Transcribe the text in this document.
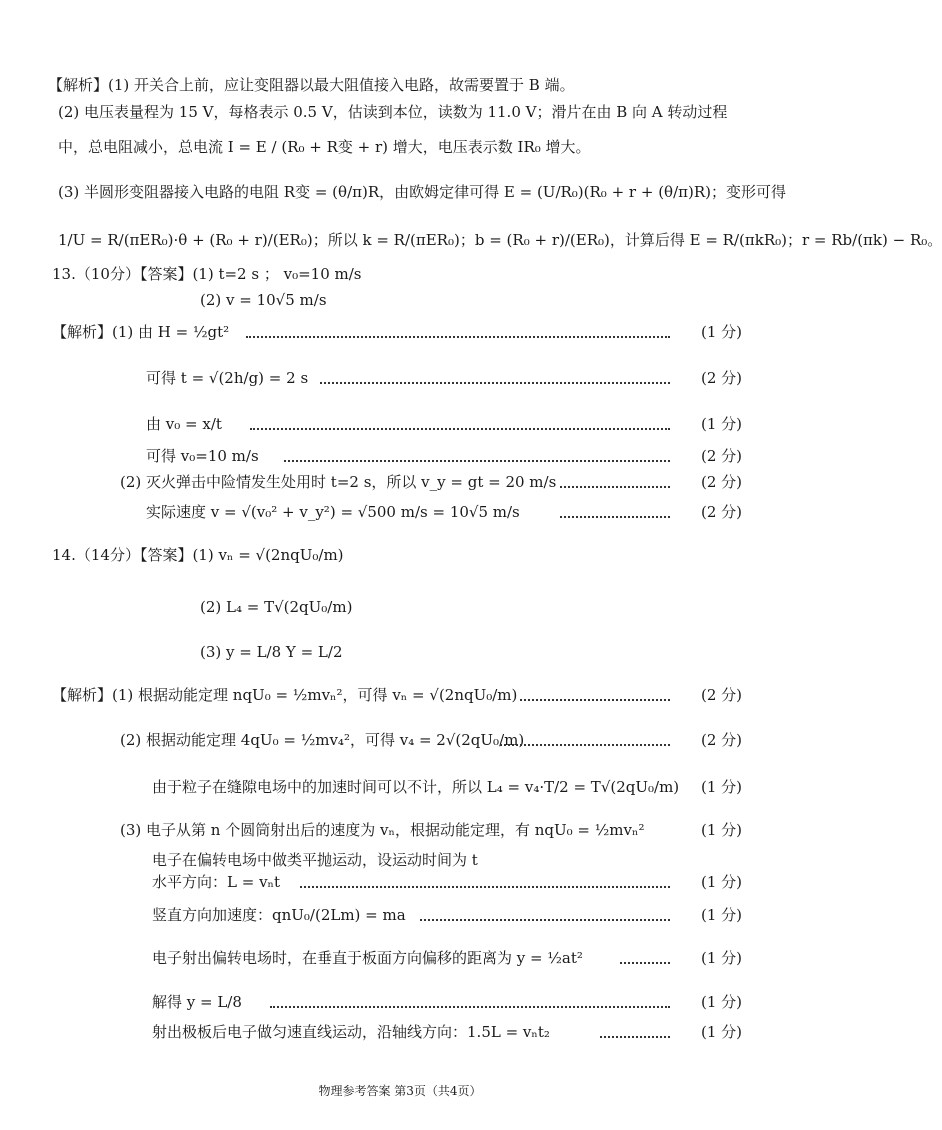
【解析】(1) 开关合上前，应让变阻器以最大阻值接入电路，故需要置于 B 端。
(2) 电压表量程为 15 V，每格表示 0.5 V，估读到本位，读数为 11.0 V；滑片在由 B 向 A 转动过程
中，总电阻减小，总电流 I = E / (R₀ + R变 + r) 增大，电压表示数 IR₀ 增大。
(3) 半圆形变阻器接入电路的电阻 R变 = (θ/π)R，由欧姆定律可得 E = (U/R₀)(R₀ + r + (θ/π)R)；变形可得
1/U = R/(πER₀)·θ + (R₀ + r)/(ER₀)；所以 k = R/(πER₀)；b = (R₀ + r)/(ER₀)，计算后得 E = R/(πkR₀)；r = Rb/(πk) − R₀。
13.（10分）【答案】(1) t=2 s ； v₀=10 m/s
(2) v = 10√5 m/s
【解析】(1) 由 H = ½gt²	(1 分)
可得 t = √(2h/g) = 2 s	(2 分)
由 v₀ = x/t	(1 分)
可得 v₀=10 m/s	(2 分)
(2) 灭火弹击中险情发生处用时 t=2 s，所以 v_y = gt = 20 m/s	(2 分)
实际速度 v = √(v₀² + v_y²) = √500 m/s = 10√5 m/s	(2 分)
14.（14分）【答案】(1) vₙ = √(2nqU₀/m)
(2) L₄ = T√(2qU₀/m)
(3) y = L/8 Y = L/2
【解析】(1) 根据动能定理 nqU₀ = ½mvₙ²，可得 vₙ = √(2nqU₀/m)	(2 分)
(2) 根据动能定理 4qU₀ = ½mv₄²，可得 v₄ = 2√(2qU₀/m)	(2 分)
由于粒子在缝隙电场中的加速时间可以不计，所以 L₄ = v₄·T/2 = T√(2qU₀/m) (1 分)
(3) 电子从第 n 个圆筒射出后的速度为 vₙ，根据动能定理，有 nqU₀ = ½mvₙ²	(1 分)
电子在偏转电场中做类平抛运动，设运动时间为 t
水平方向：L = vₙt	(1 分)
竖直方向加速度：qnU₀/(2Lm) = ma	(1 分)
电子射出偏转电场时，在垂直于板面方向偏移的距离为 y = ½at²	(1 分)
解得 y = L/8	(1 分)
射出极板后电子做匀速直线运动，沿轴线方向：1.5L = vₙt₂	(1 分)
物理参考答案 第3页（共4页）
